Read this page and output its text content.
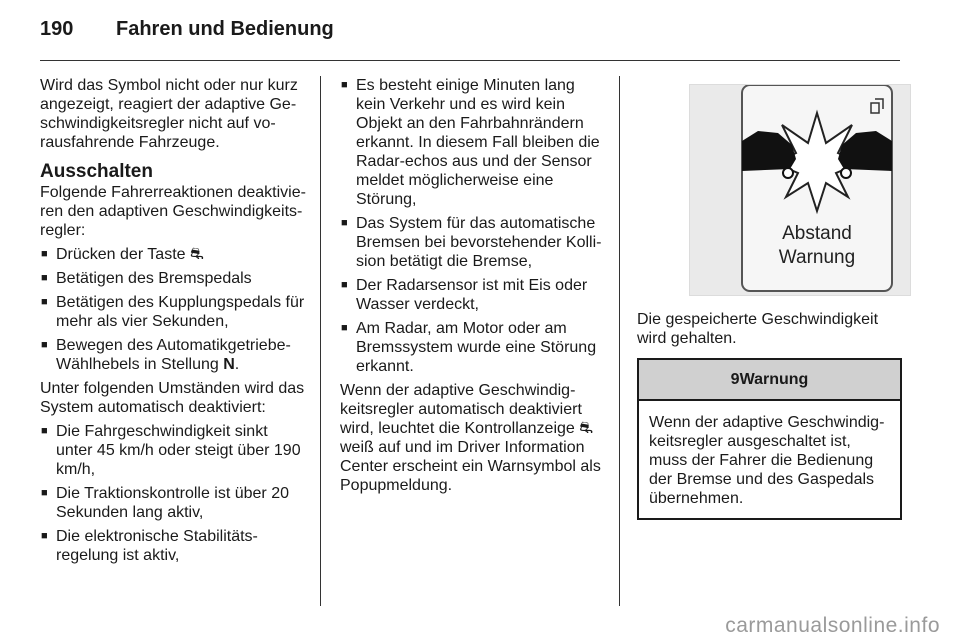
190 Fahren und Bedienung

Wird das Symbol nicht oder nur kurz angezeigt, reagiert der adaptive Ge-schwindigkeitsregler nicht auf vo-rausfahrende Fahrzeuge.

Ausschalten

Folgende Fahrerreaktionen deaktivie-ren den adaptiven Geschwindigkeits-regler:

■ Drücken der Taste ⛐
■ Betätigen des Bremspedals
■ Betätigen des Kupplungspedals für mehr als vier Sekunden,
■ Bewegen des Automatikgetriebe-Wählhebels in Stellung N.

Unter folgenden Umständen wird das System automatisch deaktiviert:

■ Die Fahrgeschwindigkeit sinkt unter 45 km/h oder steigt über 190 km/h,
■ Die Traktionskontrolle ist über 20 Sekunden lang aktiv,
■ Die elektronische Stabilitäts-regelung ist aktiv,
■ Es besteht einige Minuten lang kein Verkehr und es wird kein Objekt an den Fahrbahnrändern erkannt. In diesem Fall bleiben die Radar-echos aus und der Sensor meldet möglicherweise eine Störung,
■ Das System für das automatische Bremsen bei bevorstehender Kolli-sion betätigt die Bremse,
■ Der Radarsensor ist mit Eis oder Wasser verdeckt,
■ Am Radar, am Motor oder am Bremssystem wurde eine Störung erkannt.

Wenn der adaptive Geschwindig-keitsregler automatisch deaktiviert wird, leuchtet die Kontrollanzeige ⛐ weiß auf und im Driver Information Center erscheint ein Warnsymbol als Popupmeldung.

Abstand
Warnung

Die gespeicherte Geschwindigkeit wird gehalten.

9Warnung
Wenn der adaptive Geschwindig-keitsregler ausgeschaltet ist, muss der Fahrer die Bedienung der Bremse und des Gaspedals übernehmen.
carmanualsonline.info
